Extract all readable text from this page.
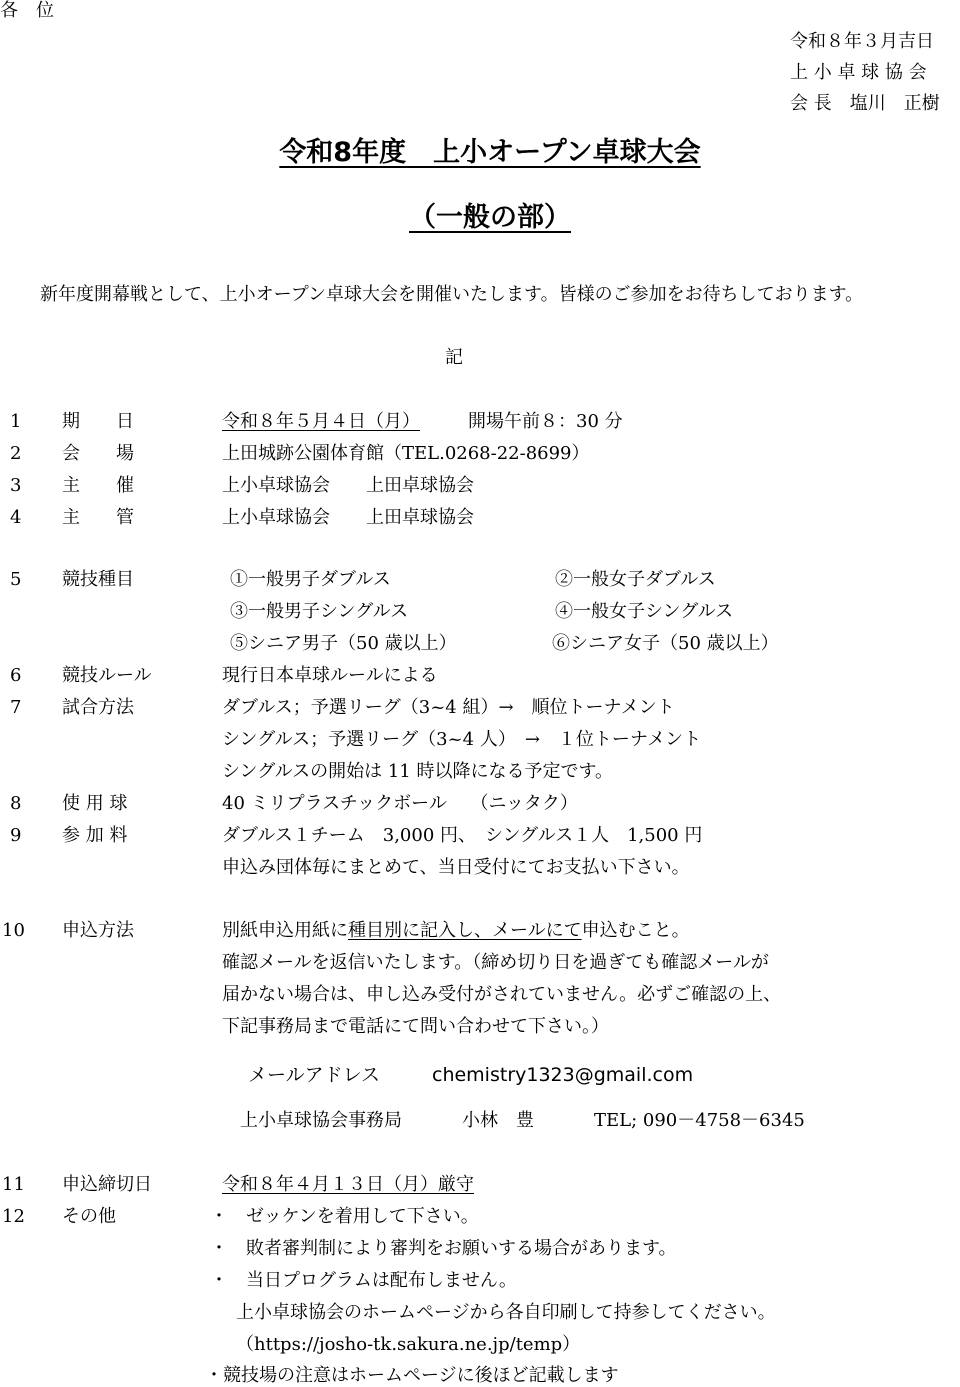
各　位
令和８年３月吉日
上 小 卓 球 協 会
会 長　塩川　正樹
令和8年度　上小オープン卓球大会
（一般の部）
新年度開幕戦として、上小オープン卓球大会を開催いたします。皆様のご参加をお待ちしております。
記
1 期　　日	令和８年５月４日（月）	開場午前８：30 分
2 会　　場	上田城跡公園体育館（TEL.0268-22-8699）
3 主　　催	上小卓球協会　　上田卓球協会
4 主　　管	上小卓球協会　　上田卓球協会
5 競技種目	①一般男子ダブルス	②一般女子ダブルス
③一般男子シングルス	④一般女子シングルス
⑤シニア男子（50 歳以上）	⑥シニア女子（50 歳以上）
6 競技ルール	現行日本卓球ルールによる
7 試合方法	ダブルス；予選リーグ（3~4 組）→　順位トーナメント
シングルス；予選リーグ（3~4 人）　→　１位トーナメント
シングルスの開始は 11 時以降になる予定です。
8 使 用 球	40 ミリプラスチックボール　 （ニッタク）
9 参 加 料	ダブルス１チーム　3,000 円、　シングルス１人　1,500 円
申込み団体毎にまとめて、当日受付にてお支払い下さい。
10 申込方法	別紙申込用紙に種目別に記入し、メールにて申込むこと。
確認メールを返信いたします。（締め切り日を過ぎても確認メールが
届かない場合は、申し込み受付がされていません。必ずご確認の上、
下記事務局まで電話にて問い合わせて下さい。）
メールアドレス	chemistry1323@gmail.com
上小卓球協会事務局	小林　豊	TEL; 090－4758－6345
11 申込締切日	令和８年４月１３日（月）厳守
12 その他	・　ゼッケンを着用して下さい。
・　敗者審判制により審判をお願いする場合があります。
・　当日プログラムは配布しません。
上小卓球協会のホームページから各自印刷して持参してください。
（https://josho-tk.sakura.ne.jp/temp）
・競技場の注意はホームページに後ほど記載します
